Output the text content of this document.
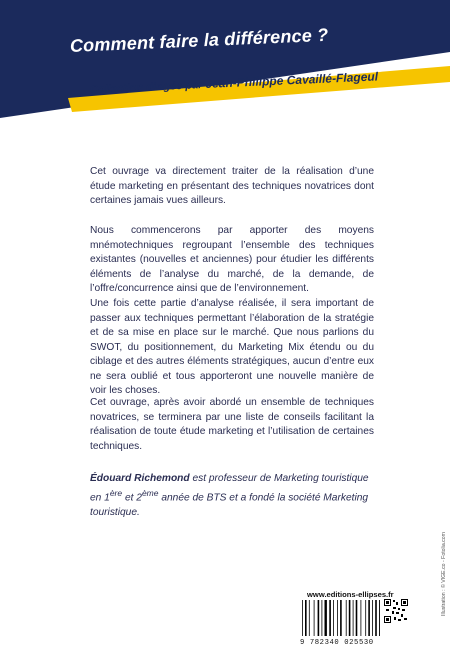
Comment faire la différence ?
Collection dirigée par Jean-Philippe Cavaillé-Flageul

Cet ouvrage va directement traiter de la réalisation d’une étude marketing en présentant des techniques novatrices dont certaines jamais vues ailleurs.

Nous commencerons par apporter des moyens mnémotechniques regroupant l’ensemble des techniques existantes (nouvelles et anciennes) pour étudier les différents éléments de l’analyse du marché, de la demande, de l’offre/concurrence ainsi que de l’environnement.

Une fois cette partie d’analyse réalisée, il sera important de passer aux techniques permettant l’élaboration de la stratégie et de sa mise en place sur le marché. Que nous parlions du SWOT, du positionnement, du Marketing Mix étendu ou du ciblage et des autres éléments stratégiques, aucun d’entre eux ne sera oublié et tous apporteront une nouvelle manière de voir les choses.

Cet ouvrage, après avoir abordé un ensemble de techniques novatrices, se terminera par une liste de conseils facilitant la réalisation de toute étude marketing et l’utilisation de certaines techniques.

Édouard Richemond est professeur de Marketing touristique en 1ère et 2ème année de BTS et a fondé la société Marketing touristique.

www.editions-ellipses.fr
9 782340 025530
Illustration : © VIGE.co - Fotolia.com
